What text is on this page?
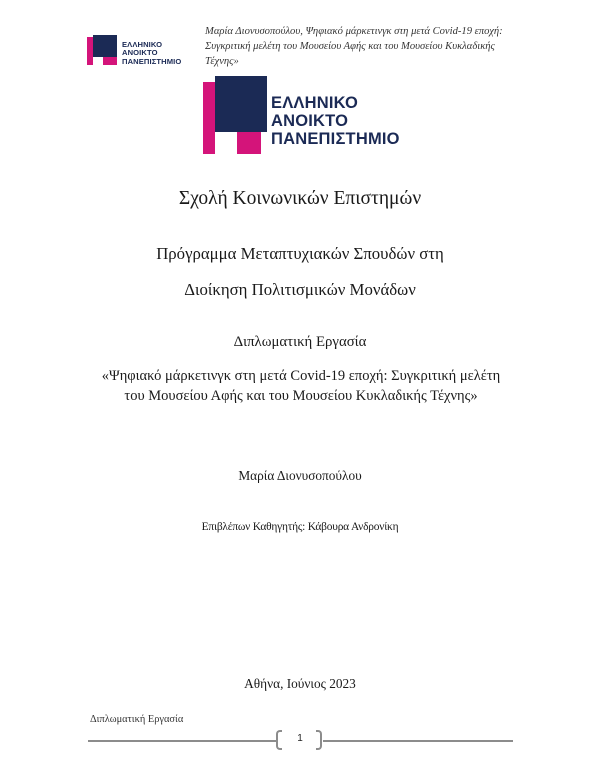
ΕΛΛΗΝΙΚΟ
ΑΝΟΙΚΤΟ
ΠΑΝΕΠΙΣΤΗΜΙΟ
Μαρία Διονυσοπούλου, Ψηφιακό μάρκετινγκ στη μετά Covid-19 εποχή: Συγκριτική μελέτη του Μουσείου Αφής και του Μουσείου Κυκλαδικής Τέχνης»
ΕΛΛΗΝΙΚΟ
ΑΝΟΙΚΤΟ
ΠΑΝΕΠΙΣΤΗΜΙΟ
Σχολή Κοινωνικών Επιστημών
Πρόγραμμα Μεταπτυχιακών Σπουδών στη
Διοίκηση Πολιτισμικών Μονάδων
Διπλωματική Εργασία
«Ψηφιακό μάρκετινγκ στη μετά Covid-19 εποχή: Συγκριτική μελέτη του Μουσείου Αφής και του Μουσείου Κυκλαδικής Τέχνης»
Μαρία Διονυσοπούλου
Επιβλέπων Καθηγητής: Κάβουρα Ανδρονίκη
Αθήνα, Ιούνιος 2023
Διπλωματική Εργασία
1
